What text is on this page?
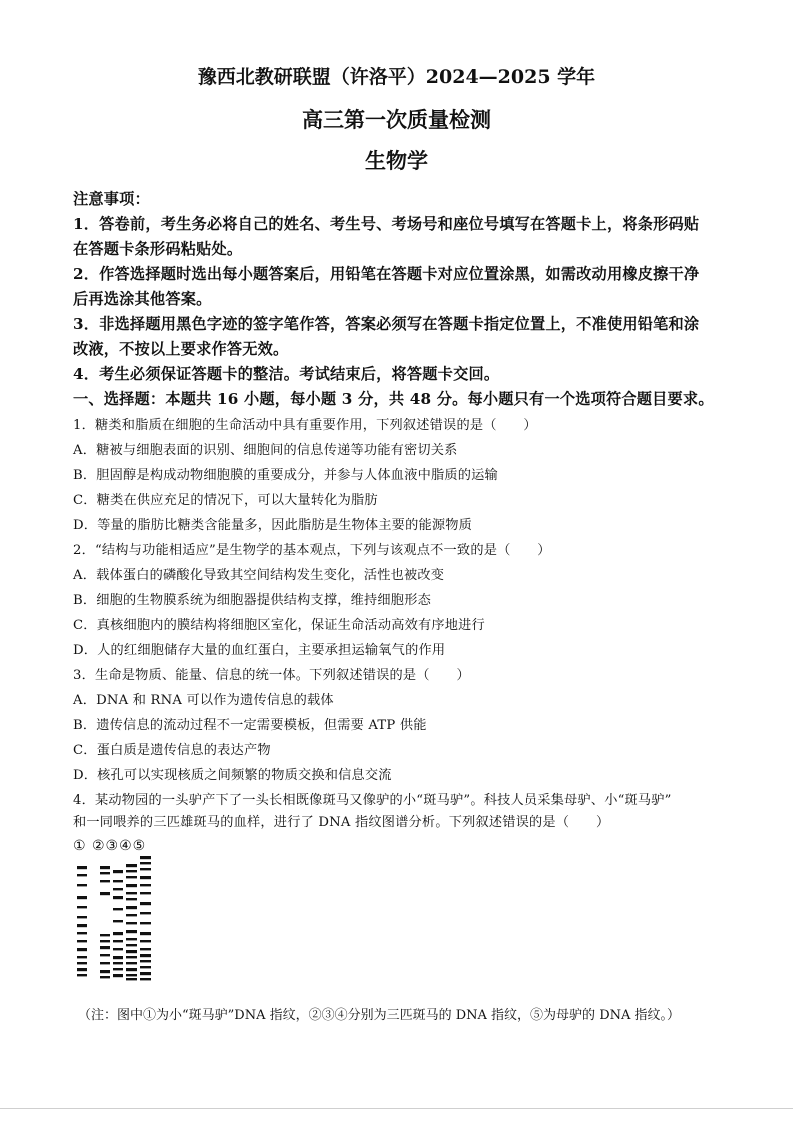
豫西北教研联盟（许洛平）2024—2025 学年
高三第一次质量检测
生物学
注意事项：
1．答卷前，考生务必将自己的姓名、考生号、考场号和座位号填写在答题卡上，将条形码贴
在答题卡条形码粘贴处。
2．作答选择题时选出每小题答案后，用铅笔在答题卡对应位置涂黑，如需改动用橡皮擦干净
后再选涂其他答案。
3．非选择题用黑色字迹的签字笔作答，答案必须写在答题卡指定位置上，不准使用铅笔和涂
改液，不按以上要求作答无效。
4．考生必须保证答题卡的整洁。考试结束后，将答题卡交回。
一、选择题：本题共 16 小题，每小题 3 分，共 48 分。每小题只有一个选项符合题目要求。
1．糖类和脂质在细胞的生命活动中具有重要作用，下列叙述错误的是（　　）
A．糖被与细胞表面的识别、细胞间的信息传递等功能有密切关系
B．胆固醇是构成动物细胞膜的重要成分，并参与人体血液中脂质的运输
C．糖类在供应充足的情况下，可以大量转化为脂肪
D．等量的脂肪比糖类含能量多，因此脂肪是生物体主要的能源物质
2．“结构与功能相适应”是生物学的基本观点，下列与该观点不一致的是（　　）
A．载体蛋白的磷酸化导致其空间结构发生变化，活性也被改变
B．细胞的生物膜系统为细胞器提供结构支撑，维持细胞形态
C．真核细胞内的膜结构将细胞区室化，保证生命活动高效有序地进行
D．人的红细胞储存大量的血红蛋白，主要承担运输氧气的作用
3．生命是物质、能量、信息的统一体。下列叙述错误的是（　　）
A．DNA 和 RNA 可以作为遗传信息的载体
B．遗传信息的流动过程不一定需要模板，但需要 ATP 供能
C．蛋白质是遗传信息的表达产物
D．核孔可以实现核质之间频繁的物质交换和信息交流
4．某动物园的一头驴产下了一头长相既像斑马又像驴的小“斑马驴”。科技人员采集母驴、小“斑马驴”
和一同喂养的三匹雄斑马的血样，进行了 DNA 指纹图谱分析。下列叙述错误的是（　　）
① ②③④⑤
（注：图中①为小“斑马驴”DNA 指纹，②③④分别为三匹斑马的 DNA 指纹，⑤为母驴的 DNA 指纹。）
